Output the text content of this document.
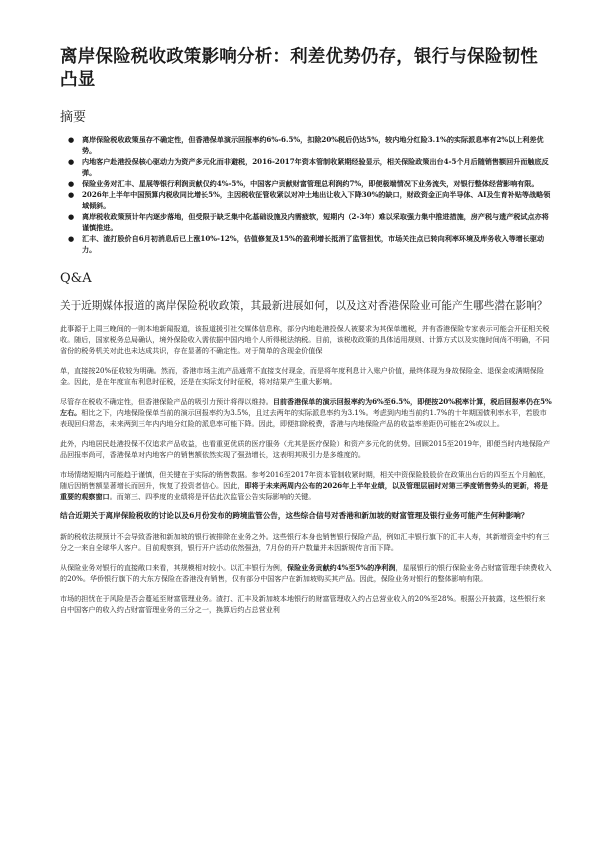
离岸保险税收政策影响分析：利差优势仍存，银行与保险韧性凸显
摘要
● 离岸保险税收政策虽存不确定性，但香港保单演示回报率约6%-6.5%，扣除20%税后仍达5%，较内地分红险3.1%的实际派息率有2%以上利差优势。
● 内地客户赴港投保核心驱动力为资产多元化而非避税，2016-2017年资本管制收紧期经验显示，相关保险政策出台4-5个月后随销售额回升而触底反弹。
● 保险业务对汇丰、星展等银行利润贡献仅约4%-5%，中国客户贡献财富管理总利润约7%，即便极端情况下业务流失，对银行整体经营影响有限。
● 2026年上半年中国预算内税收同比增长5%，主因税收征管收紧以对冲土地出让收入下降30%的缺口，财政资金正向半导体、AI及生育补贴等战略领域倾斜。
● 离岸税收政策预计年内逐步落地，但受限于缺乏集中化基础设施及内需疲软，短期内（2-3年）难以采取强力集中推进措施，房产税与遗产税试点亦将谨慎推进。
● 汇丰、渣打股价自6月初消息后已上涨10%-12%，估值修复及15%的盈利增长抵消了监管担忧，市场关注点已转向利率环境及库务收入等增长驱动力。
Q&A
关于近期媒体报道的离岸保险税收政策，其最新进展如何，以及这对香港保险业可能产生哪些潜在影响？

此事源于上周三晚间的一则本地新闻报道，该报道援引社交媒体信息称，部分内地赴港投保人被要求为其保单缴税，并有香港保险专家表示可能会开征相关税收。随后，国家税务总局确认，境外保险收入需依据中国内地个人所得税法纳税。目前，该税收政策的具体适用规则、计算方式以及实施时间尚不明确，不同省份的税务机关对此也未达成共识，存在显著的不确定性。对于简单的含现金价值保

单，直接按20%征收较为明确。然而，香港市场主流产品通常不直接支付现金，而是将年度利息计入账户价值，最终体现为身故保险金、退保金或满期保险金。因此，是在年度宣布利息时征税，还是在实际支付时征税，将对结果产生重大影响。

尽管存在税收不确定性，但香港保险产品的吸引力预计将得以维持。目前香港保单的演示回报率约为6%至6.5%，即便按20%税率计算，税后回报率仍在5%左右。相比之下，内地保险保单当前的演示回报率约为3.5%，且过去两年的实际派息率约为3.1%。考虑到内地当前约1.7%的十年期国债利率水平，若股市表现回归常态，未来两到三年内内地分红险的派息率可能下降。因此，即便扣除税费，香港与内地保险产品的收益率差距仍可能在2%或以上。

此外，内地居民赴港投保不仅追求产品收益，也看重更优质的医疗服务（尤其是医疗保险）和资产多元化的优势。回顾2015至2019年，即便当时内地保险产品回报率尚可，香港保单对内地客户的销售额依然实现了强劲增长，这表明其吸引力是多维度的。

市场情绪短期内可能趋于谨慎，但关键在于实际的销售数据。参考2016至2017年资本管制收紧时期，相关中资保险股股价在政策出台后的四至五个月触底，随后因销售额显著增长而回升，恢复了投资者信心。因此，即将于未来两周内公布的2026年上半年业绩，以及管理层届时对第三季度销售势头的更新，将是重要的观察窗口。而第三、四季度的业绩将是评估此次监管公告实际影响的关键。

结合近期关于离岸保险税收的讨论以及6月份发布的跨境监管公告，这些综合信号对香港和新加坡的财富管理及银行业务可能产生何种影响？

新的税收法规预计不会导致香港和新加坡的银行被排除在业务之外。这些银行本身也销售银行保险产品，例如汇丰银行旗下的汇丰人寿，其新增资金中约有三分之一来自全球华人客户。目前观察到，银行开户活动依然强劲，7月份的开户数量并未因新规传言而下降。

从保险业务对银行的直接敞口来看，其规模相对较小。以汇丰银行为例，保险业务贡献约4%至5%的净利润，星展银行的银行保险业务占财富管理手续费收入的20%。华侨银行旗下的大东方保险在香港没有销售，仅有部分中国客户在新加坡购买其产品。因此，保险业务对银行的整体影响有限。

市场的担忧在于风险是否会蔓延至财富管理业务。渣打、汇丰及新加坡本地银行的财富管理收入约占总营业收入的20%至28%。根据公开披露，这些银行来自中国客户的收入约占财富管理业务的三分之一，换算后约占总营业利
